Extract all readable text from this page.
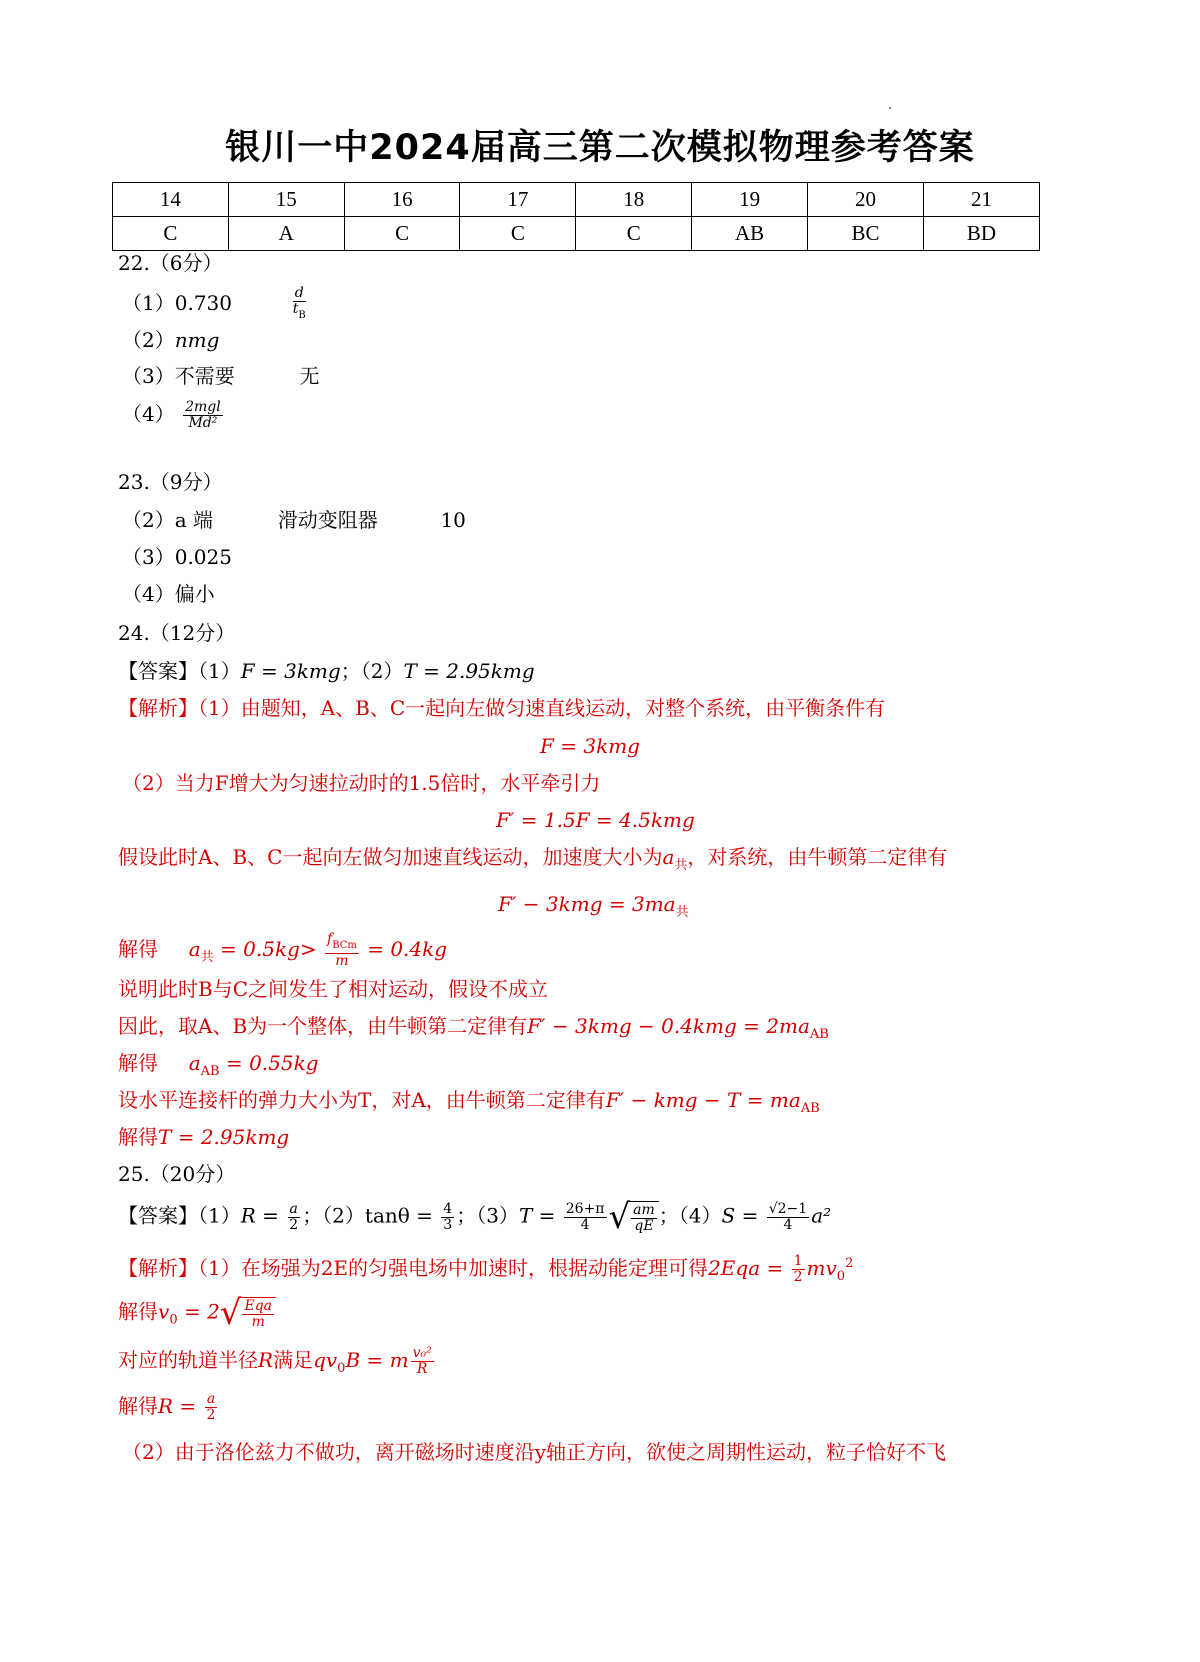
银川一中2024届高三第二次模拟物理参考答案
14	15	16	17	18	19	20	21
C	A	C	C	C	AB	BC	BD
22.（6分）
（1）0.730	$\frac{d}{t_B}$
（2）nmg
（3）不需要	无
$(4) \frac{\text{2mgl}}{\text{Md²}}$
23.（9分）
（2）a 端	滑动变阻器	10
（3）0.025
（4）偏小
24.（12分）
【答案】（1）F = 3kmg；（2）T = 2.95kmg
【解析】（1）由题知，A、B、C一起向左做匀速直线运动，对整个系统，由平衡条件有
F = 3kmg
（2）当力F增大为匀速拉动时的1.5倍时，水平牵引力
F′ = 1.5F = 4.5kmg
假设此时A、B、C一起向左做匀加速直线运动，加速度大小为$a_共$，对系统，由牛顿第二定律有
$F' - 3kmg = 3ma_共$
解得 $a_共 = 0.5kg> \frac{f_{BCm}}{m} = 0.4kg$
说明此时B与C之间发生了相对运动，假设不成立
因此，取A、B为一个整体，由牛顿第二定律有$F' - 3kmg - 0.4kmg = 2ma_{AB}$
解得 $a_{AB} = 0.55kg$
设水平连接杆的弹力大小为T，对A，由牛顿第二定律有F′ − kmg − $T = ma_{AB}$
解得T = 2.95kmg
25.（20分）
【答案】$(1)R = \frac{a}{2}$ ；$(2)\tan\theta = \frac{4}{3}$ ；$(3)T = \frac{26+\pi}{4}$ √ $\frac{am}{qE}$ ；$(4)S = \frac{√2-1}{4} a^2$
【解析】（1）在场强为2E的匀强电场中加速时，根据动能定理可得$2Eqa = \frac{1}{2} mv_0^2$
解得$v_0 = 2$ √ $\frac{\text{Eqa}}{m}$
对应的轨道半径R满足$qv_0B = m \frac{\text{v₀²}}{R}$
解得$R = \frac{a}{2}$
（2）由于洛伦兹力不做功，离开磁场时速度沿y轴正方向，欲使之周期性运动，粒子恰好不飞
